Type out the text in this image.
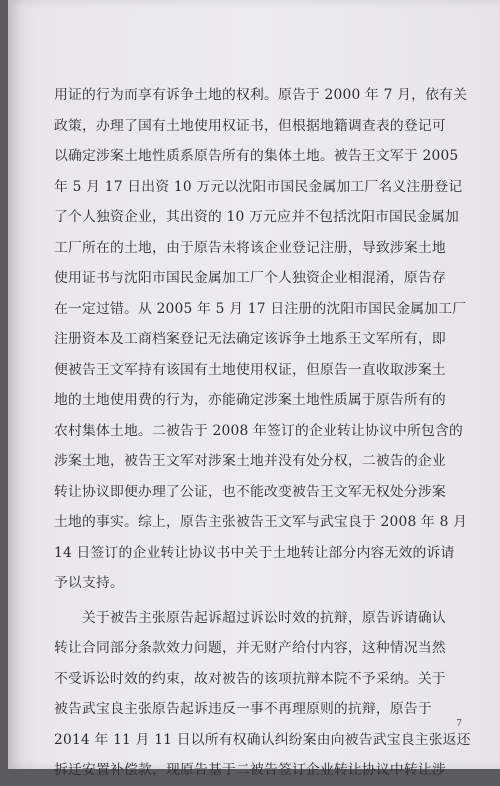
用证的行为而享有诉争土地的权利。原告于 2000 年 7 月，依有关
政策，办理了国有土地使用权证书，但根据地籍调查表的登记可
以确定涉案土地性质系原告所有的集体土地。被告王文军于 2005
年 5 月 17 日出资 10 万元以沈阳市国民金属加工厂名义注册登记
了个人独资企业，其出资的 10 万元应并不包括沈阳市国民金属加
工厂所在的土地，由于原告未将该企业登记注册，导致涉案土地
使用证书与沈阳市国民金属加工厂个人独资企业相混淆，原告存
在一定过错。从 2005 年 5 月 17 日注册的沈阳市国民金属加工厂
注册资本及工商档案登记无法确定该诉争土地系王文军所有，即
便被告王文军持有该国有土地使用权证，但原告一直收取涉案土
地的土地使用费的行为，亦能确定涉案土地性质属于原告所有的
农村集体土地。二被告于 2008 年签订的企业转让协议中所包含的
涉案土地，被告王文军对涉案土地并没有处分权，二被告的企业
转让协议即便办理了公证，也不能改变被告王文军无权处分涉案
土地的事实。综上，原告主张被告王文军与武宝良于 2008 年 8 月
14 日签订的企业转让协议书中关于土地转让部分内容无效的诉请
予以支持。
　　关于被告主张原告起诉超过诉讼时效的抗辩，原告诉请确认
转让合同部分条款效力问题，并无财产给付内容，这种情况当然
不受诉讼时效的约束，故对被告的该项抗辩本院不予采纳。关于
被告武宝良主张原告起诉违反一事不再理原则的抗辩，原告于
2014 年 11 月 11 日以所有权确认纠纷案由向被告武宝良主张返还
拆迁安置补偿款，现原告基于二被告签订企业转让协议中转让涉
7
